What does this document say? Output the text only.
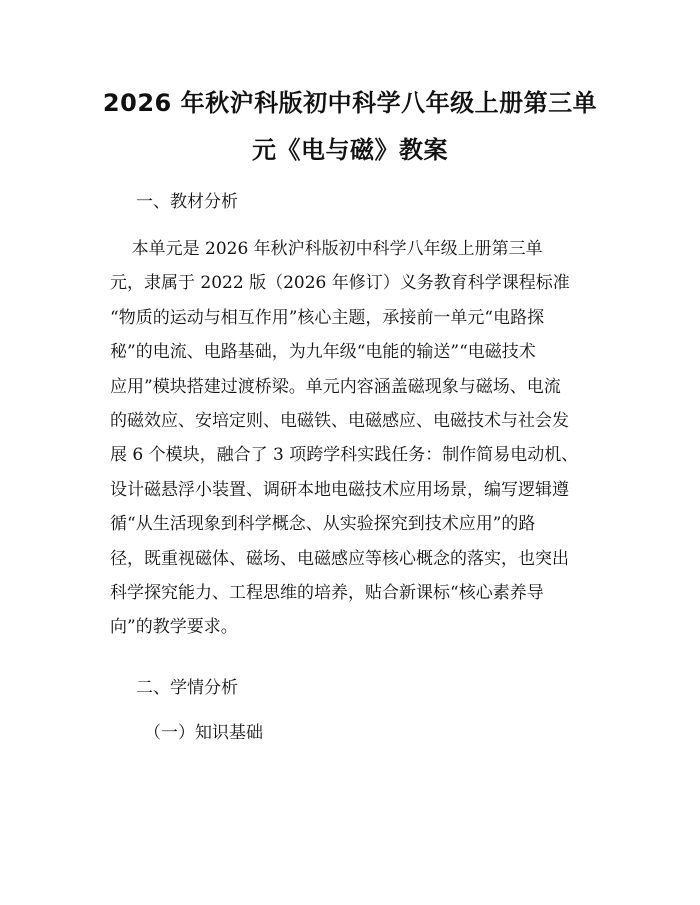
2026 年秋沪科版初中科学八年级上册第三单
元《电与磁》教案

一、教材分析

本单元是 2026 年秋沪科版初中科学八年级上册第三单
元，隶属于 2022 版（2026 年修订）义务教育科学课程标准
“物质的运动与相互作用”核心主题，承接前一单元“电路探
秘”的电流、电路基础，为九年级“电能的输送”“电磁技术
应用”模块搭建过渡桥梁。单元内容涵盖磁现象与磁场、电流
的磁效应、安培定则、电磁铁、电磁感应、电磁技术与社会发
展 6 个模块，融合了 3 项跨学科实践任务：制作简易电动机、
设计磁悬浮小装置、调研本地电磁技术应用场景，编写逻辑遵
循“从生活现象到科学概念、从实验探究到技术应用”的路
径，既重视磁体、磁场、电磁感应等核心概念的落实，也突出
科学探究能力、工程思维的培养，贴合新课标“核心素养导
向”的教学要求。

二、学情分析

（一）知识基础
